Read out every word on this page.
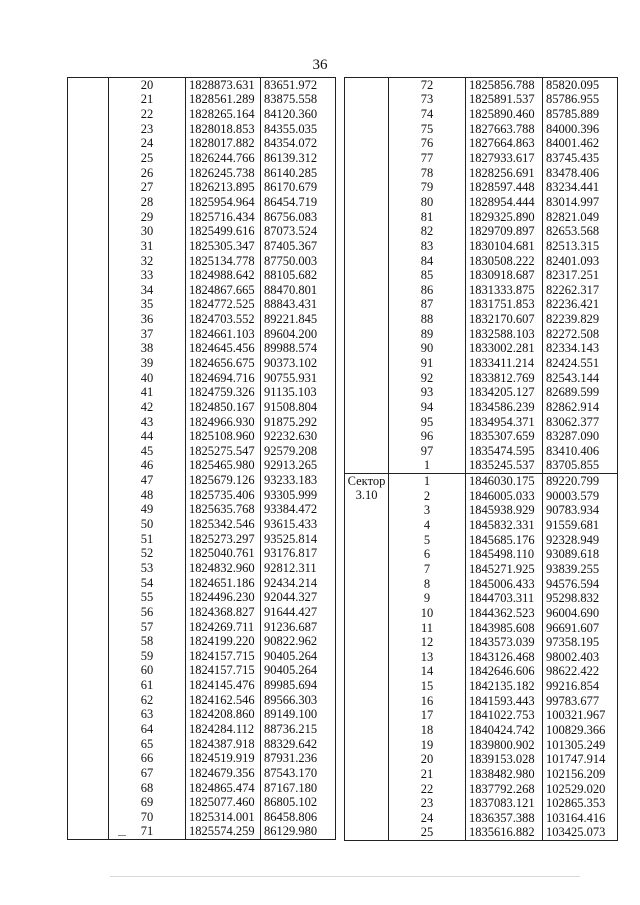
36
	20	1828873.631	83651.972
	21	1828561.289	83875.558
	22	1828265.164	84120.360
	23	1828018.853	84355.035
	24	1828017.882	84354.072
	25	1826244.766	86139.312
	26	1826245.738	86140.285
	27	1826213.895	86170.679
	28	1825954.964	86454.719
	29	1825716.434	86756.083
	30	1825499.616	87073.524
	31	1825305.347	87405.367
	32	1825134.778	87750.003
	33	1824988.642	88105.682
	34	1824867.665	88470.801
	35	1824772.525	88843.431
	36	1824703.552	89221.845
	37	1824661.103	89604.200
	38	1824645.456	89988.574
	39	1824656.675	90373.102
	40	1824694.716	90755.931
	41	1824759.326	91135.103
	42	1824850.167	91508.804
	43	1824966.930	91875.292
	44	1825108.960	92232.630
	45	1825275.547	92579.208
	46	1825465.980	92913.265
	47	1825679.126	93233.183
	48	1825735.406	93305.999
	49	1825635.768	93384.472
	50	1825342.546	93615.433
	51	1825273.297	93525.814
	52	1825040.761	93176.817
	53	1824832.960	92812.311
	54	1824651.186	92434.214
	55	1824496.230	92044.327
	56	1824368.827	91644.427
	57	1824269.711	91236.687
	58	1824199.220	90822.962
	59	1824157.715	90405.264
	60	1824157.715	90405.264
	61	1824145.476	89985.694
	62	1824162.546	89566.303
	63	1824208.860	89149.100
	64	1824284.112	88736.215
	65	1824387.918	88329.642
	66	1824519.919	87931.236
	67	1824679.356	87543.170
	68	1824865.474	87167.180
	69	1825077.460	86805.102
	70	1825314.001	86458.806
	71	1825574.259	86129.980
	72	1825856.788	85820.095
	73	1825891.537	85786.955
	74	1825890.460	85785.889
	75	1827663.788	84000.396
	76	1827664.863	84001.462
	77	1827933.617	83745.435
	78	1828256.691	83478.406
	79	1828597.448	83234.441
	80	1828954.444	83014.997
	81	1829325.890	82821.049
	82	1829709.897	82653.568
	83	1830104.681	82513.315
	84	1830508.222	82401.093
	85	1830918.687	82317.251
	86	1831333.875	82262.317
	87	1831751.853	82236.421
	88	1832170.607	82239.829
	89	1832588.103	82272.508
	90	1833002.281	82334.143
	91	1833411.214	82424.551
	92	1833812.769	82543.144
	93	1834205.127	82689.599
	94	1834586.239	82862.914
	95	1834954.371	83062.377
	96	1835307.659	83287.090
	97	1835474.595	83410.406
	1	1835245.537	83705.855

Сектор
3.10	1	1846030.175	89220.799
	2	1846005.033	90003.579
	3	1845938.929	90783.934
	4	1845832.331	91559.681
	5	1845685.176	92328.949
	6	1845498.110	93089.618
	7	1845271.925	93839.255
	8	1845006.433	94576.594
	9	1844703.311	95298.832
	10	1844362.523	96004.690
	11	1843985.608	96691.607
	12	1843573.039	97358.195
	13	1843126.468	98002.403
	14	1842646.606	98622.422
	15	1842135.182	99216.854
	16	1841593.443	99783.677
	17	1841022.753	100321.967
	18	1840424.742	100829.366
	19	1839800.902	101305.249
	20	1839153.028	101747.914
	21	1838482.980	102156.209
	22	1837792.268	102529.020
	23	1837083.121	102865.353
	24	1836357.388	103164.416
	25	1835616.882	103425.073
